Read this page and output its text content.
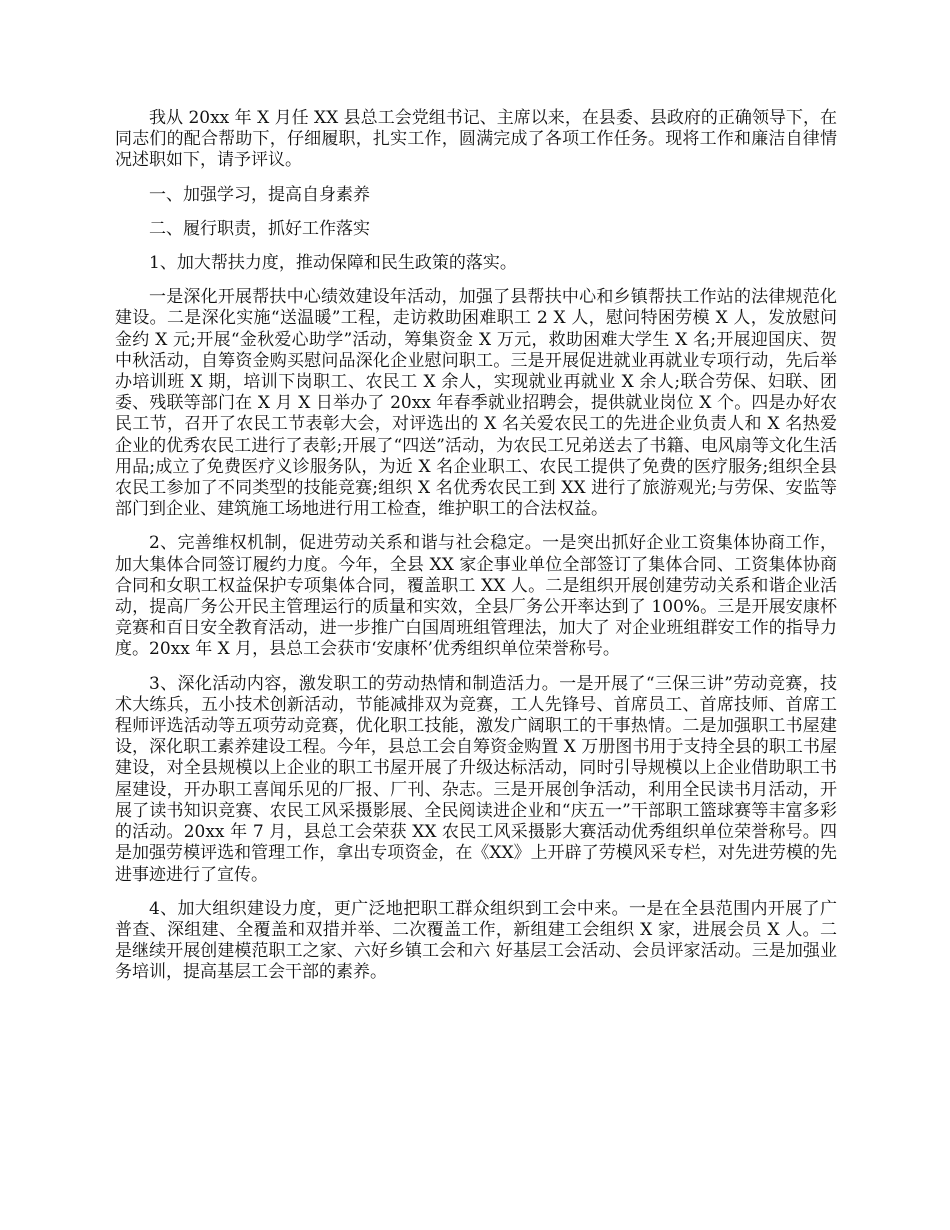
我从 20xx 年 X 月任 XX 县总工会党组书记、主席以来，在县委、县政府的正确领导下，在同志们的配合帮助下，仔细履职，扎实工作，圆满完成了各项工作任务。现将工作和廉洁自律情况述职如下，请予评议。

一、加强学习，提高自身素养

二、履行职责，抓好工作落实

1、加大帮扶力度，推动保障和民生政策的落实。

一是深化开展帮扶中心绩效建设年活动，加强了县帮扶中心和乡镇帮扶工作站的法律规范化建设。二是深化实施“送温暖”工程，走访救助困难职工 2 X 人，慰问特困劳模 X 人，发放慰问金约 X 元;开展“金秋爱心助学”活动，筹集资金 X 万元，救助困难大学生 X 名;开展迎国庆、贺中秋活动，自筹资金购买慰问品深化企业慰问职工。三是开展促进就业再就业专项行动，先后举办培训班 X 期，培训下岗职工、农民工 X 余人，实现就业再就业 X 余人;联合劳保、妇联、团委、残联等部门在 X 月 X 日举办了 20xx 年春季就业招聘会，提供就业岗位 X 个。四是办好农民工节，召开了农民工节表彰大会，对评选出的 X 名关爱农民工的先进企业负责人和 X 名热爱企业的优秀农民工进行了表彰;开展了“四送”活动，为农民工兄弟送去了书籍、电风扇等文化生活用品;成立了免费医疗义诊服务队，为近 X 名企业职工、农民工提供了免费的医疗服务;组织全县农民工参加了不同类型的技能竞赛;组织 X 名优秀农民工到 XX 进行了旅游观光;与劳保、安监等部门到企业、建筑施工场地进行用工检查，维护职工的合法权益。

2、完善维权机制，促进劳动关系和谐与社会稳定。一是突出抓好企业工资集体协商工作，加大集体合同签订履约力度。今年，全县 XX 家企事业单位全部签订了集体合同、工资集体协商合同和女职工权益保护专项集体合同，覆盖职工 XX 人。二是组织开展创建劳动关系和谐企业活动，提高厂务公开民主管理运行的质量和实效，全县厂务公开率达到了 100%。三是开展安康杯竞赛和百日安全教育活动，进一步推广白国周班组管理法，加大了 对企业班组群安工作的指导力度。20xx 年 X 月，县总工会获市‘安康杯’优秀组织单位荣誉称号。

3、深化活动内容，激发职工的劳动热情和制造活力。一是开展了“三保三讲”劳动竞赛，技术大练兵，五小技术创新活动，节能减排双为竞赛，工人先锋号、首席员工、首席技师、首席工程师评选活动等五项劳动竞赛，优化职工技能，激发广阔职工的干事热情。二是加强职工书屋建设，深化职工素养建设工程。今年，县总工会自筹资金购置 X 万册图书用于支持全县的职工书屋建设，对全县规模以上企业的职工书屋开展了升级达标活动，同时引导规模以上企业借助职工书屋建设，开办职工喜闻乐见的厂报、厂刊、杂志。三是开展创争活动，利用全民读书月活动，开展了读书知识竞赛、农民工风采摄影展、全民阅读进企业和“庆五一”干部职工篮球赛等丰富多彩的活动。20xx 年 7 月，县总工会荣获 XX 农民工风采摄影大赛活动优秀组织单位荣誉称号。四是加强劳模评选和管理工作，拿出专项资金，在《XX》上开辟了劳模风采专栏，对先进劳模的先进事迹进行了宣传。

4、加大组织建设力度，更广泛地把职工群众组织到工会中来。一是在全县范围内开展了广普查、深组建、全覆盖和双措并举、二次覆盖工作，新组建工会组织 X 家，进展会员 X 人。二是继续开展创建模范职工之家、六好乡镇工会和六 好基层工会活动、会员评家活动。三是加强业务培训，提高基层工会干部的素养。
